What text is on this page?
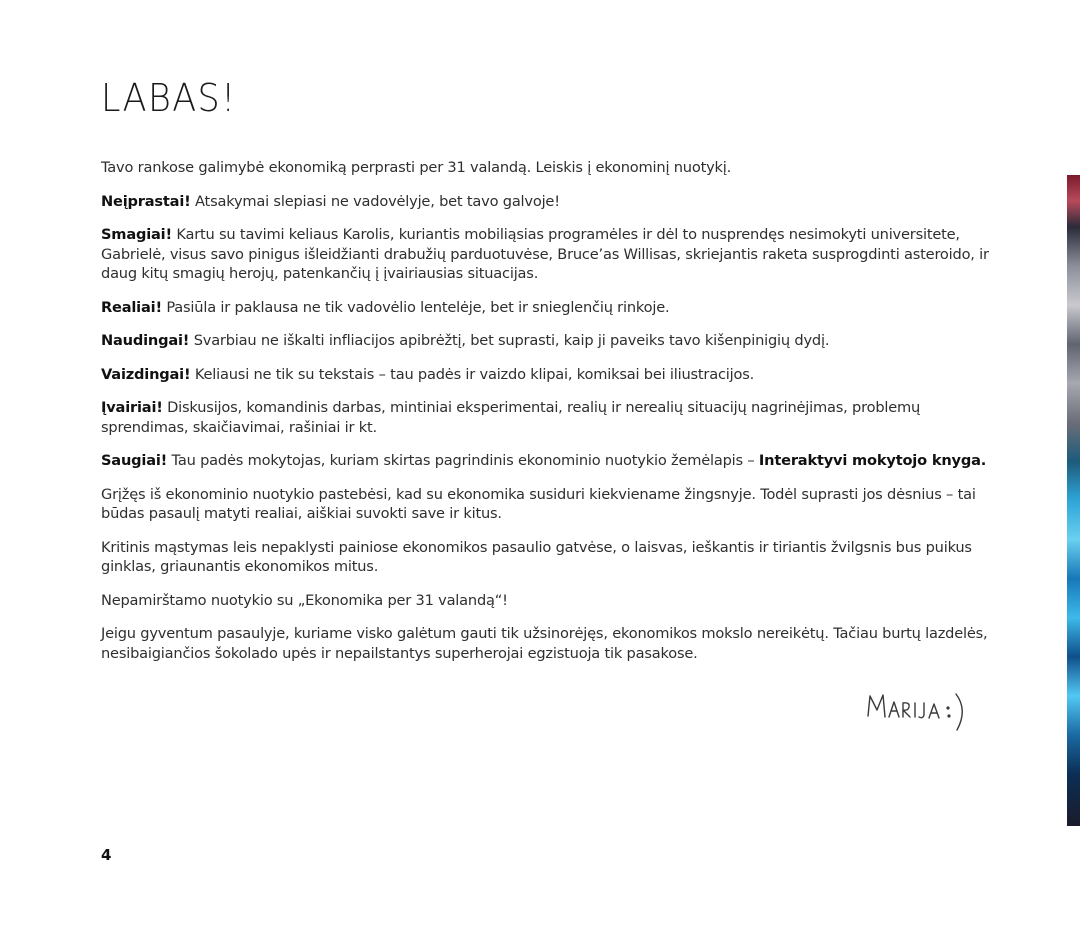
LABAS!

Tavo rankose galimybė ekonomiką perprasti per 31 valandą. Leiskis į ekonominį nuotykį.

Neįprastai! Atsakymai slepiasi ne vadovėlyje, bet tavo galvoje!

Smagiai! Kartu su tavimi keliaus Karolis, kuriantis mobiliąsias programėles ir dėl to nusprendęs nesimokyti universitete, Gabrielė, visus savo pinigus išleidžianti drabužių parduotuvėse, Bruce’as Willisas, skriejantis raketa susprogdinti asteroido, ir daug kitų smagių herojų, patenkančių į įvairiausias situacijas.

Realiai! Pasiūla ir paklausa ne tik vadovėlio lentelėje, bet ir snieglenčių rinkoje.

Naudingai! Svarbiau ne iškalti infliacijos apibrėžtį, bet suprasti, kaip ji paveiks tavo kišenpinigių dydį.

Vaizdingai! Keliausi ne tik su tekstais – tau padės ir vaizdo klipai, komiksai bei iliustracijos.

Įvairiai! Diskusijos, komandinis darbas, mintiniai eksperimentai, realių ir nerealių situacijų nagrinėjimas, problemų sprendimas, skaičiavimai, rašiniai ir kt.

Saugiai! Tau padės mokytojas, kuriam skirtas pagrindinis ekonominio nuotykio žemėlapis – Interaktyvi mokytojo knyga.

Grįžęs iš ekonominio nuotykio pastebėsi, kad su ekonomika susiduri kiekviename žingsnyje. Todėl suprasti jos dėsnius – tai būdas pasaulį matyti realiai, aiškiai suvokti save ir kitus.

Kritinis mąstymas leis nepaklysti painiose ekonomikos pasaulio gatvėse, o laisvas, ieškantis ir tiriantis žvilgsnis bus puikus ginklas, griaunantis ekonomikos mitus.

Nepamirštamo nuotykio su „Ekonomika per 31 valandą“!

Jeigu gyventum pasaulyje, kuriame visko galėtum gauti tik užsinorėjęs, ekonomikos mokslo nereikėtų. Tačiau burtų lazdelės, nesibaigiančios šokolado upės ir nepailstantys superherojai egzistuoja tik pasakose.

4
